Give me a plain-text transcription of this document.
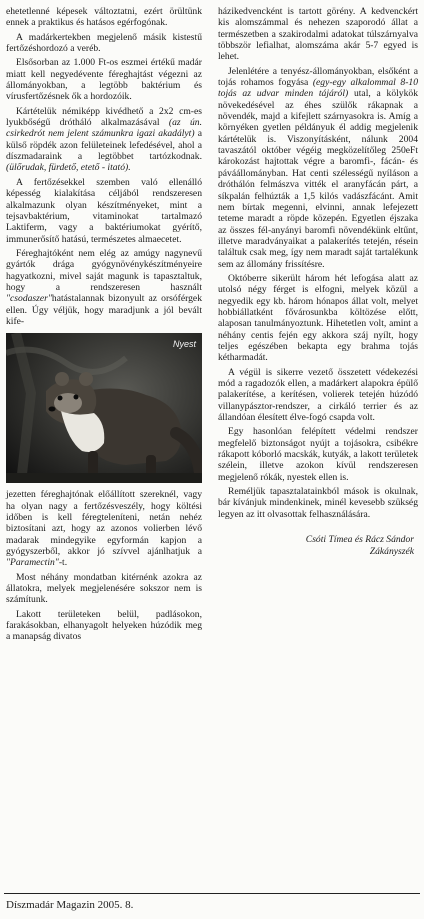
ehetetlenné képesek változtatni, ezért örültünk ennek a praktikus és hatásos egérfogónak.

A madárkertekben megjelenő másik kistestű fertőzéshordozó a veréb.

Elsősorban az 1.000 Ft-os eszmei értékű madár miatt kell negyedévente féreghajtást végezni az állományokban, a legtöbb baktérium és vírusfertőzésnek ők a hordozóik.

Kártételük némiképp kivédhető a 2x2 cm-es lyukbőségű drótháló alkalmazásával (az ún. csirkedrót nem jelent számunkra igazi akadályt) a külső röpdék azon felületeinek lefedésével, ahol a díszmadaraink a legtöbbet tartózkodnak. (ülőrudak, fürdető, etető - itató).

A fertőzésekkel szemben való ellenálló képesség kialakítása céljából rendszeresen alkalmazunk olyan készítményeket, mint a tejsavbaktérium, vitaminokat tartalmazó Laktiferm, vagy a baktériumokat gyérítő, immunerősítő hatású, természetes almaecetet.

Féreghajtóként nem elég az amúgy nagynevű gyártók drága gyógynövénykészítményeire hagyatkozni, mivel saját magunk is tapasztaltuk, hogy a rendszeresen használt "csodaszer"hatástalannak bizonyult az orsóférgek ellen. Úgy véljük, hogy maradjunk a jól bevált kife-

Nyest

jezetten féreghajtónak előállított szereknél, vagy ha olyan nagy a fertőzésveszély, hogy költési időben is kell féregteleníteni, netán nehéz biztosítani azt, hogy az azonos volierben lévő madarak mindegyike egyformán kapjon a gyógyszerből, akkor jó szívvel ajánlhatjuk a "Paramectin"-t.

Most néhány mondatban kitérnénk azokra az állatokra, melyek megjelenésére sokszor nem is számítunk.

Lakott területeken belül, padlásokon, farakásokban, elhanyagolt helyeken húzódik meg a manapság divatos

házikedvencként is tartott görény. A kedvenckért kis alomszámmal és nehezen szaporodó állat a természetben a szakirodalmi adatokat túlszárnyalva többször lefialhat, alomszáma akár 5-7 egyed is lehet.

Jelenlétére a tenyész-állományokban, elsőként a tojás rohamos fogyása (egy-egy alkalommal 8-10 tojás az udvar minden tájáról) utal, a kölykök növekedésével az éhes szülők rákapnak a növendék, majd a kifejlett szárnyasokra is. Amíg a környéken gyetlen példányuk él addig megjelenik kártételük is. Viszonyításként, nálunk 2004 tavaszától október végéig megközelítőleg 250eFt károkozást hajtottak végre a baromfi-, fácán- és páváállományban. Hat centi szélességű nyíláson a dróthálón felmászva vitték el aranyfácán párt, a síkpalán felhúzták a 1,5 kilós vadászfácánt. Amit nem bírtak megenni, elvinni, annak lefejezett tetemе maradt a röpde közepén. Egyetlen éjszaka az összes fél-anyányi baromfi növendékünk eltűnt, illetve maradványaikat a palakerítés tetején, résein találtuk csak meg, így nem maradt saját tartalékunk sem az állomány frissítésre.

Októberre sikerült három hét lefogása alatt az utolsó négy férget is elfogni, melyek közül a negyedik egy kb. három hónapos állat volt, melyet hobbiállatként fővárosunkba költözése előtt, alaposan tanulmányoztunk. Hihetetlen volt, amint a néhány centis fején egy akkora száj nyílt, hogy teljes egészében bekapta egy brahma tojás kétharmadát.

A végül is sikerre vezető összetett védekezési mód a ragadozók ellen, a madárkert alapokra épülő palakerítése, a kerítésen, volierek tetején húzódó villanypásztor-rendszer, a cirkáló terrier és az állandóan élesített élve-fogó csapda volt.

Egy hasonlóan felépített védelmi rendszer megfelelő biztonságot nyújt a tojásokra, csibékre rákapott kóborló macskák, kutyák, a lakott területek szélein, illetve azokon kívül rendszeresen megjelenő rókák, nyestek ellen is.

Reméljük tapasztalatainkból mások is okulnak, bár kívánjuk mindenkinek, minél kevesebb szükség legyen az itt olvasottak felhasználására.

Csóti Tímea és Rácz Sándor
Zákányszék
Díszmadár Magazin 2005. 8.
